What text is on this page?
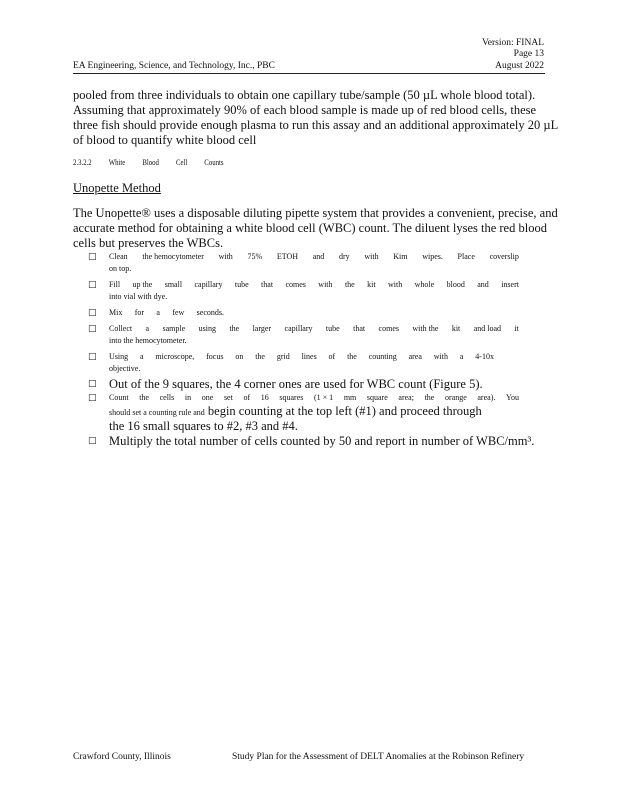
Version: FINAL
Page 13
August 2022
EA Engineering, Science, and Technology, Inc., PBC
pooled from three individuals to obtain one capillary tube/sample (50 µL whole blood total).
Assuming that approximately 90% of each blood sample is made up of red blood cells, these
three fish should provide enough plasma to run this assay and an additional approximately 20 µL
of blood to quantify white blood cell
2.3.2.2 White Blood Cell Counts
Unopette Method
The Unopette® uses a disposable diluting pipette system that provides a convenient, precise, and
accurate method for obtaining a white blood cell (WBC) count. The diluent lyses the red blood
cells but preserves the WBCs.
□ Clean the hemocytometer with 75% ETOH and dry with Kim wipes. Place coverslip
on top.
□ Fill up the small capillary tube that comes with the kit with whole blood and insert
into vial with dye.
□ Mix for a few seconds.
□ Collect a sample using the larger capillary tube that comes with the kit and load it
into the hemocytometer.
□ Using a microscope, focus on the grid lines of the counting area with a 4-10x
objective.
□ Out of the 9 squares, the 4 corner ones are used for WBC count (Figure 5).
□ Count the cells in one set of 16 squares (1 × 1 mm square area; the orange area). You
should set a counting rule and begin counting at the top left (#1) and proceed through
the 16 small squares to #2, #3 and #4.
□ Multiply the total number of cells counted by 50 and report in number of WBC/mm³.
Crawford County, Illinois	Study Plan for the Assessment of DELT Anomalies at the Robinson Refinery
